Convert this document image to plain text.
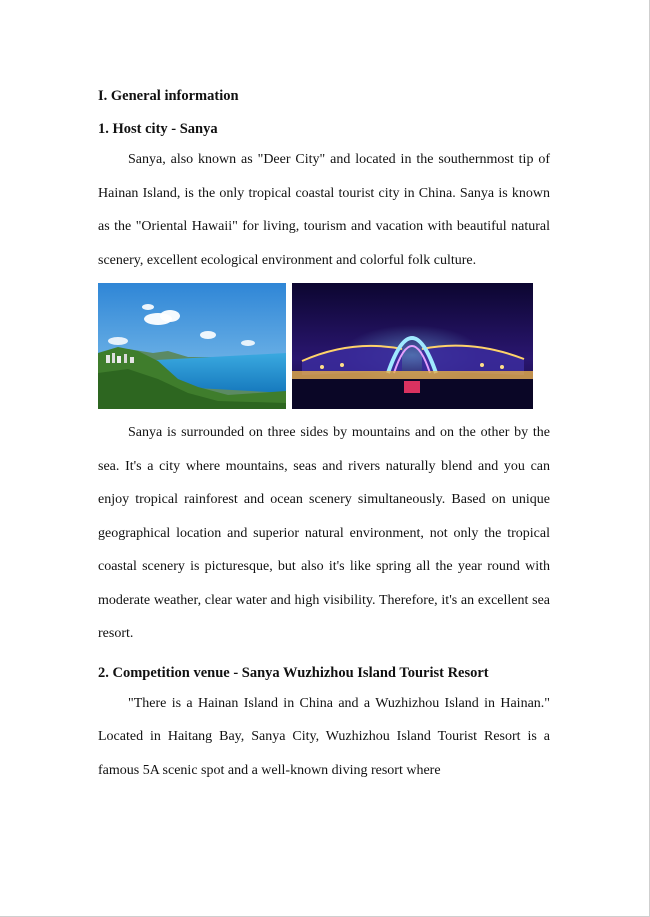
I. General information
1. Host city - Sanya

Sanya, also known as "Deer City" and located in the southernmost tip of Hainan Island, is the only tropical coastal tourist city in China. Sanya is known as the "Oriental Hawaii" for living, tourism and vacation with beautiful natural scenery, excellent ecological environment and colorful folk culture.

Sanya is surrounded on three sides by mountains and on the other by the sea. It's a city where mountains, seas and rivers naturally blend and you can enjoy tropical rainforest and ocean scenery simultaneously. Based on unique geographical location and superior natural environment, not only the tropical coastal scenery is picturesque, but also it's like spring all the year round with moderate weather, clear water and high visibility. Therefore, it's an excellent sea resort.

2. Competition venue - Sanya Wuzhizhou Island Tourist Resort

"There is a Hainan Island in China and a Wuzhizhou Island in Hainan." Located in Haitang Bay, Sanya City, Wuzhizhou Island Tourist Resort is a famous 5A scenic spot and a well-known diving resort where
